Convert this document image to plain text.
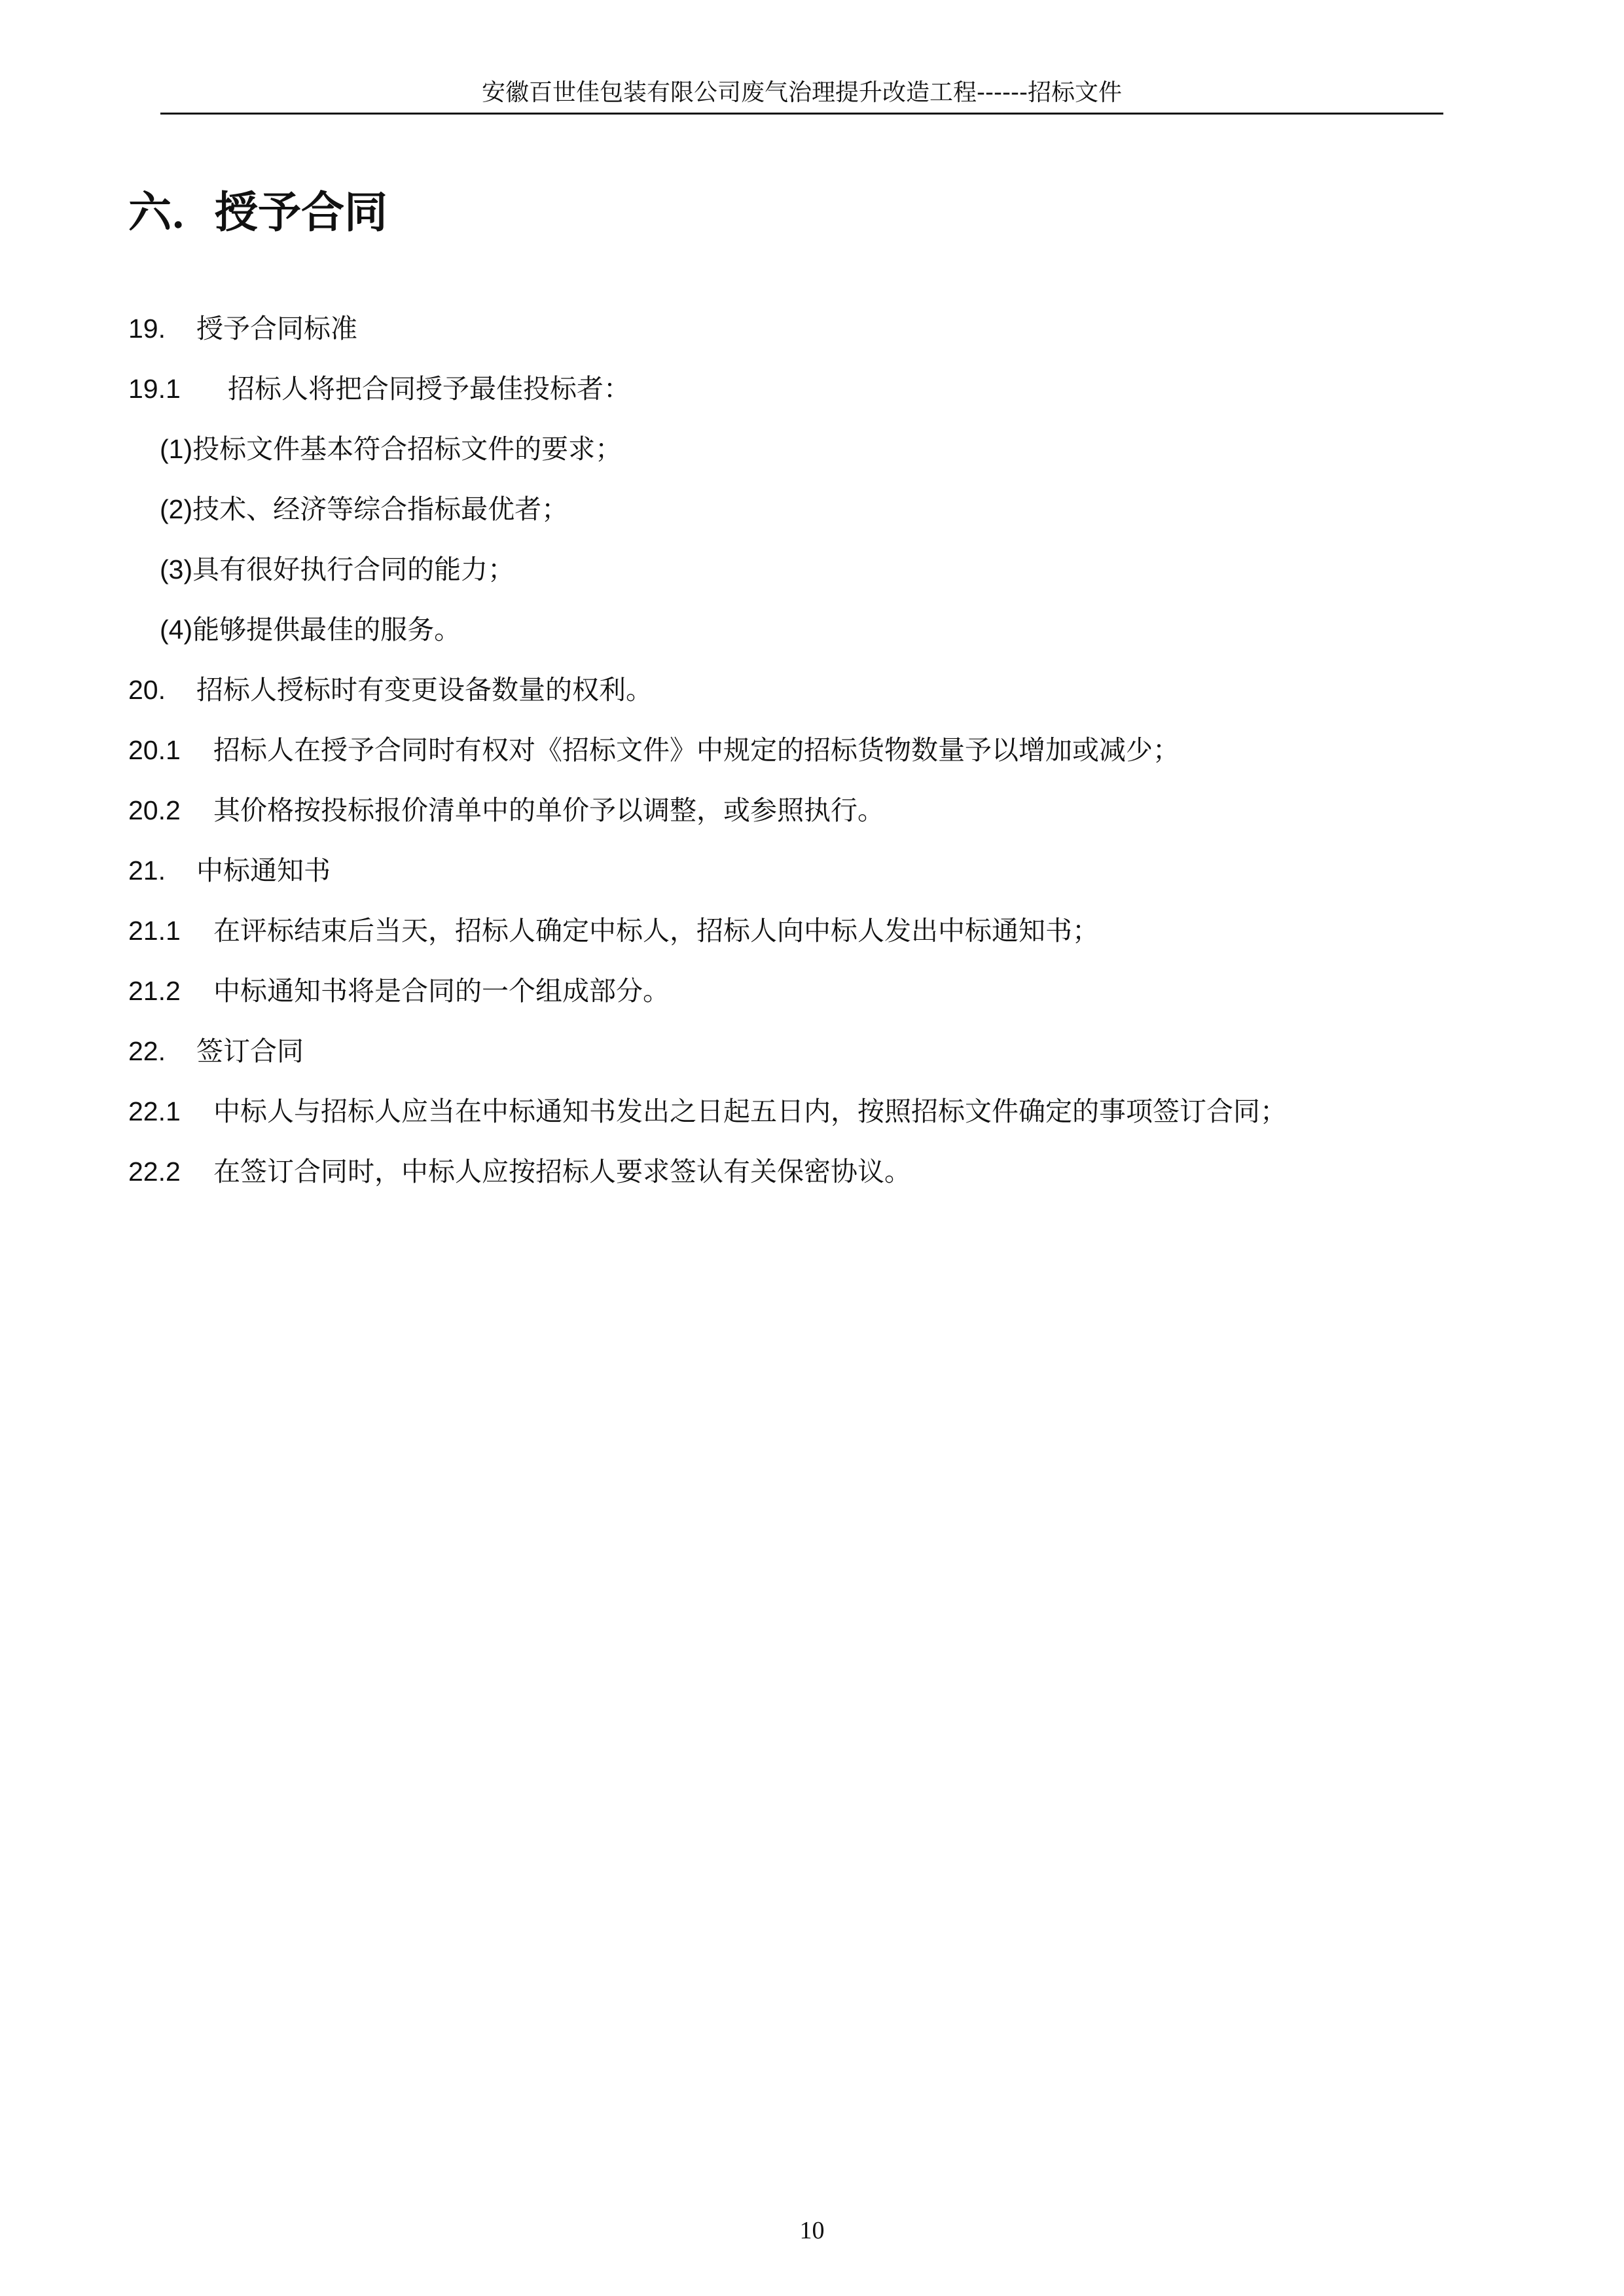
安徽百世佳包装有限公司废气治理提升改造工程------招标文件
六．授予合同
19. 授予合同标准
19.1 招标人将把合同授予最佳投标者：
(1)投标文件基本符合招标文件的要求；
(2)技术、经济等综合指标最优者；
(3)具有很好执行合同的能力；
(4)能够提供最佳的服务。
20. 招标人授标时有变更设备数量的权利。
20.1 招标人在授予合同时有权对《招标文件》中规定的招标货物数量予以增加或减少；
20.2 其价格按投标报价清单中的单价予以调整，或参照执行。
21. 中标通知书
21.1 在评标结束后当天，招标人确定中标人，招标人向中标人发出中标通知书；
21.2 中标通知书将是合同的一个组成部分。
22. 签订合同
22.1 中标人与招标人应当在中标通知书发出之日起五日内，按照招标文件确定的事项签订合同；
22.2 在签订合同时，中标人应按招标人要求签认有关保密协议。
10
